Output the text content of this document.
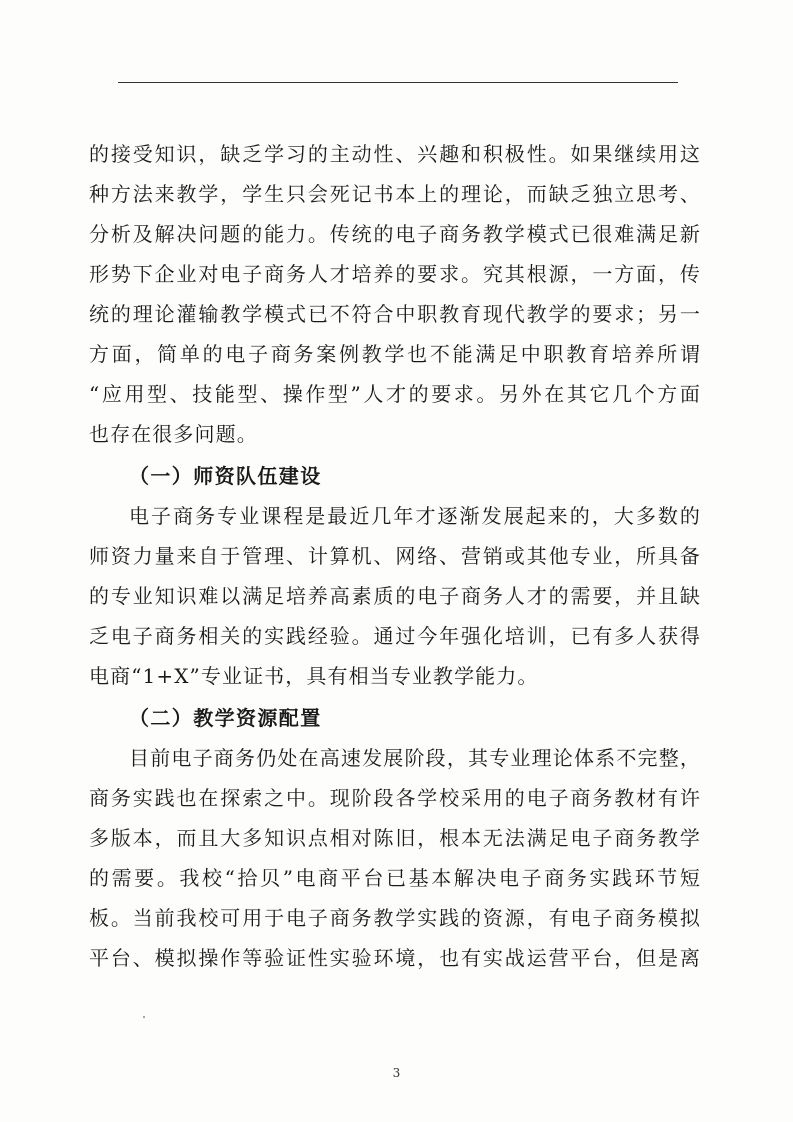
的接受知识，缺乏学习的主动性、兴趣和积极性。如果继续用这
种方法来教学，学生只会死记书本上的理论，而缺乏独立思考、
分析及解决问题的能力。传统的电子商务教学模式已很难满足新
形势下企业对电子商务人才培养的要求。究其根源，一方面，传
统的理论灌输教学模式已不符合中职教育现代教学的要求；另一
方面，简单的电子商务案例教学也不能满足中职教育培养所谓
“应用型、技能型、操作型”人才的要求。另外在其它几个方面
也存在很多问题。
（一）师资队伍建设
电子商务专业课程是最近几年才逐渐发展起来的，大多数的
师资力量来自于管理、计算机、网络、营销或其他专业，所具备
的专业知识难以满足培养高素质的电子商务人才的需要，并且缺
乏电子商务相关的实践经验。通过今年强化培训，已有多人获得
电商“1+X”专业证书，具有相当专业教学能力。
（二）教学资源配置
目前电子商务仍处在高速发展阶段，其专业理论体系不完整，
商务实践也在探索之中。现阶段各学校采用的电子商务教材有许
多版本，而且大多知识点相对陈旧，根本无法满足电子商务教学
的需要。我校“拾贝”电商平台已基本解决电子商务实践环节短
板。当前我校可用于电子商务教学实践的资源，有电子商务模拟
平台、模拟操作等验证性实验环境，也有实战运营平台，但是离
3
